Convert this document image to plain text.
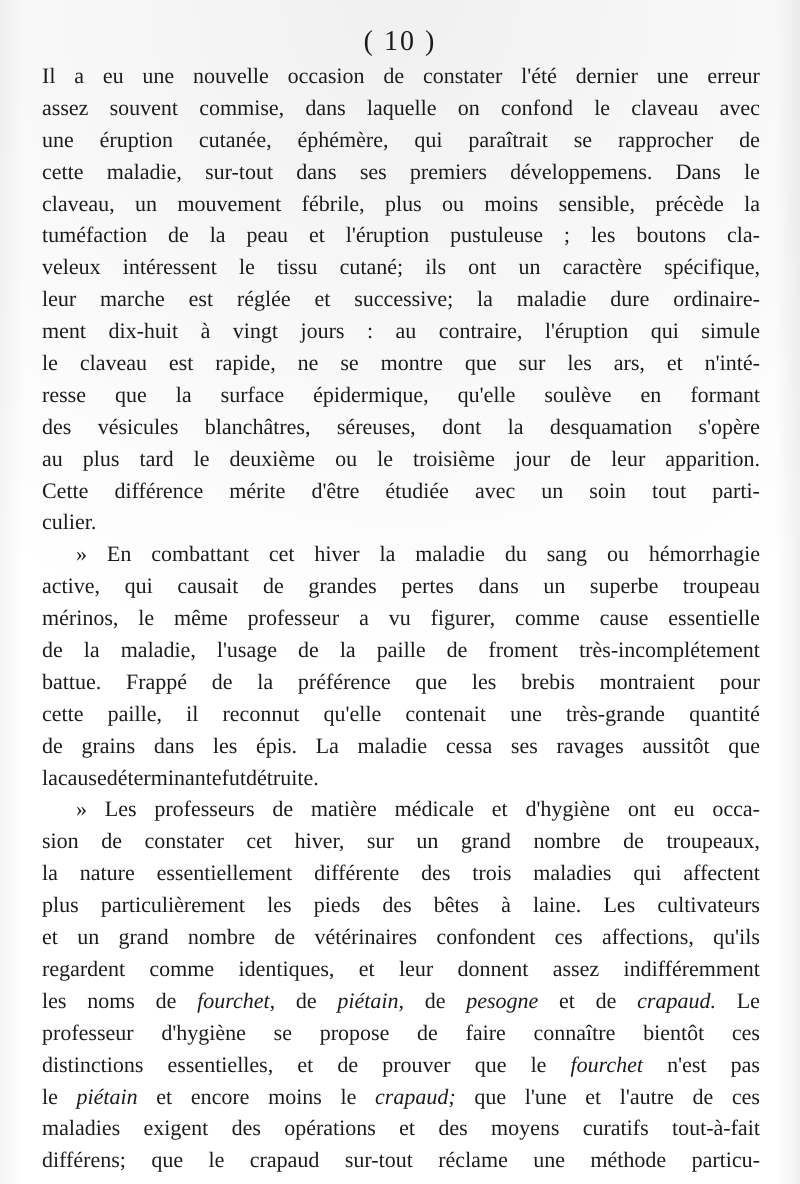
( 10 )
Il a eu une nouvelle occasion de constater l'été dernier une erreur
assez souvent commise, dans laquelle on confond le claveau avec
une éruption cutanée, éphémère, qui paraîtrait se rapprocher de
cette maladie, sur-tout dans ses premiers développemens. Dans le
claveau, un mouvement fébrile, plus ou moins sensible, précède la
tuméfaction de la peau et l'éruption pustuleuse ; les boutons cla-
veleux intéressent le tissu cutané; ils ont un caractère spécifique,
leur marche est réglée et successive; la maladie dure ordinaire-
ment dix-huit à vingt jours : au contraire, l'éruption qui simule
le claveau est rapide, ne se montre que sur les ars, et n'inté-
resse que la surface épidermique, qu'elle soulève en formant
des vésicules blanchâtres, séreuses, dont la desquamation s'opère
au plus tard le deuxième ou le troisième jour de leur apparition.
Cette différence mérite d'être étudiée avec un soin tout parti-
culier.
» En combattant cet hiver la maladie du sang ou hémorrhagie
active, qui causait de grandes pertes dans un superbe troupeau
mérinos, le même professeur a vu figurer, comme cause essentielle
de la maladie, l'usage de la paille de froment très-incomplétement
battue. Frappé de la préférence que les brebis montraient pour
cette paille, il reconnut qu'elle contenait une très-grande quantité
de grains dans les épis. La maladie cessa ses ravages aussitôt que
la cause déterminante fut détruite.
» Les professeurs de matière médicale et d'hygiène ont eu occa-
sion de constater cet hiver, sur un grand nombre de troupeaux,
la nature essentiellement différente des trois maladies qui affectent
plus particulièrement les pieds des bêtes à laine. Les cultivateurs
et un grand nombre de vétérinaires confondent ces affections, qu'ils
regardent comme identiques, et leur donnent assez indifféremment
les noms de fourchet, de piétain, de pesogne et de crapaud. Le
professeur d'hygiène se propose de faire connaître bientôt ces
distinctions essentielles, et de prouver que le fourchet n'est pas
le piétain et encore moins le crapaud; que l'une et l'autre de ces
maladies exigent des opérations et des moyens curatifs tout-à-fait
différens; que le crapaud sur-tout réclame une méthode particu-
